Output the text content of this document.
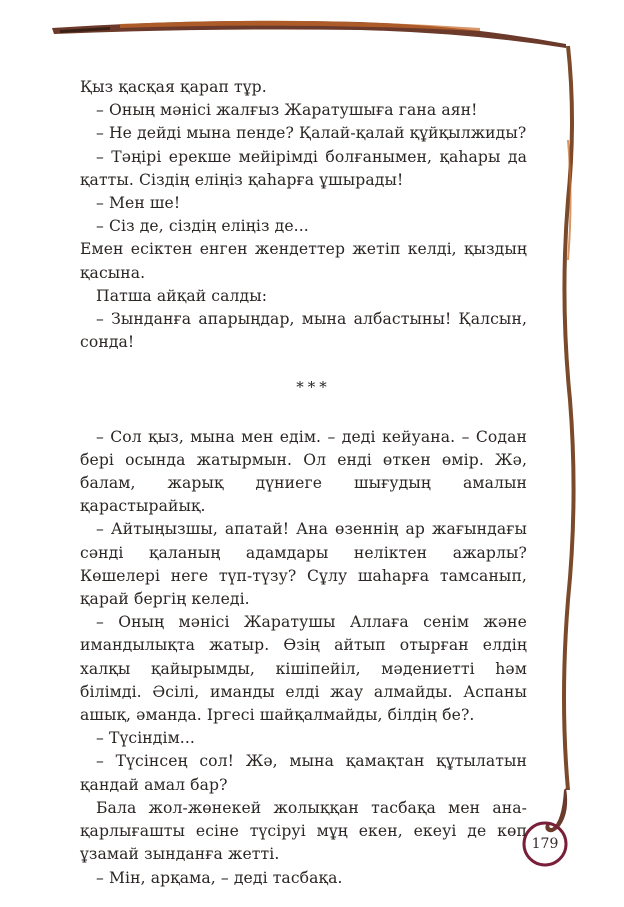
Қыз қасқая қарап тұр.

– Оның мәнісі жалғыз Жаратушыға гана аян!

– Не дейді мына пенде? Қалай-қалай құйқылжиды?

– Тәңірі ерекше мейірімді болғанымен, қаһары да қатты. Сіздің еліңіз қаһарға ұшырады!

– Мен ше!

– Сіз де, сіздің еліңіз де...

Емен есіктен енген жендеттер жетіп келді, қыздың қасына.

Патша айқай салды:

– Зынданға апарыңдар, мына албастыны! Қалсын, сонда!

***

– Сол қыз, мына мен едім. – деді кейуана. – Содан бері осында жатырмын. Ол енді өткен өмір. Жә, балам, жарық дүниеге шығудың амалын қарастырайық.

– Айтыңызшы, апатай! Ана өзеннің ар жағындағы сәнді қаланың адамдары неліктен ажарлы? Көшелері неге түп-түзу? Сұлу шаһарға тамсанып, қарай бергің келеді.

– Оның мәнісі Жаратушы Аллаға сенім және имандылықта жатыр. Өзің айтып отырған елдің халқы қайырымды, кішіпейіл, мәдениетті һәм білімді. Әсілі, иманды елді жау алмайды. Аспаны ашық, әманда. Іргесі шайқалмайды, білдің бе?.

– Түсіндім...

– Түсінсең сол! Жә, мына қамақтан құтылатын қандай амал бар?

Бала жол-жөнекей жолыққан тасбақа мен ана-қарлығашты есіне түсіруі мұң екен, екеуі де көп ұзамай зынданға жетті.

– Мін, арқама, – деді тасбақа.

179
